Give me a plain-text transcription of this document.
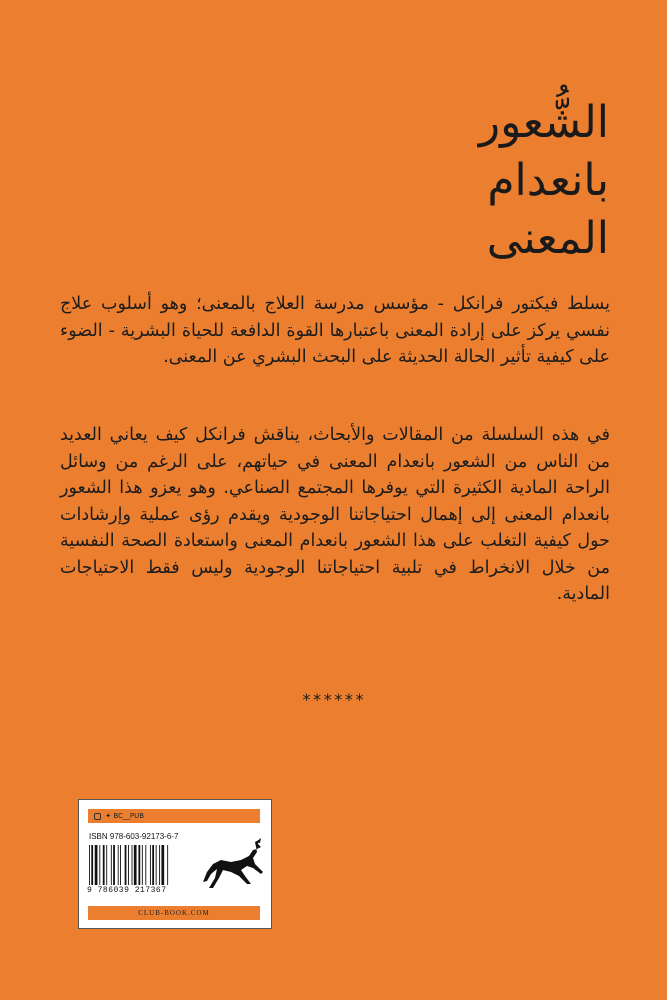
الشُّعور
بانعدام
المعنى
يسلط فيكتور فرانكل - مؤسس مدرسة العلاج بالمعنى؛ وهو أسلوب علاج نفسي يركز على إرادة المعنى باعتبارها القوة الدافعة للحياة البشرية - الضوء على كيفية تأثير الحالة الحديثة على البحث البشري عن المعنى.
في هذه السلسلة من المقالات والأبحاث، يناقش فرانكل كيف يعاني العديد من الناس من الشعور بانعدام المعنى في حياتهم، على الرغم من وسائل الراحة المادية الكثيرة التي يوفرها المجتمع الصناعي. وهو يعزو هذا الشعور بانعدام المعنى إلى إهمال احتياجاتنا الوجودية ويقدم رؤى عملية وإرشادات حول كيفية التغلب على هذا الشعور بانعدام المعنى واستعادة الصحة النفسية من خلال الانخراط في تلبية احتياجاتنا الوجودية وليس فقط الاحتياجات المادية.
******
✦ BC__PUB
ISBN 978-603-92173-6-7
9 786039 217367
CLUB-BOOK.COM
